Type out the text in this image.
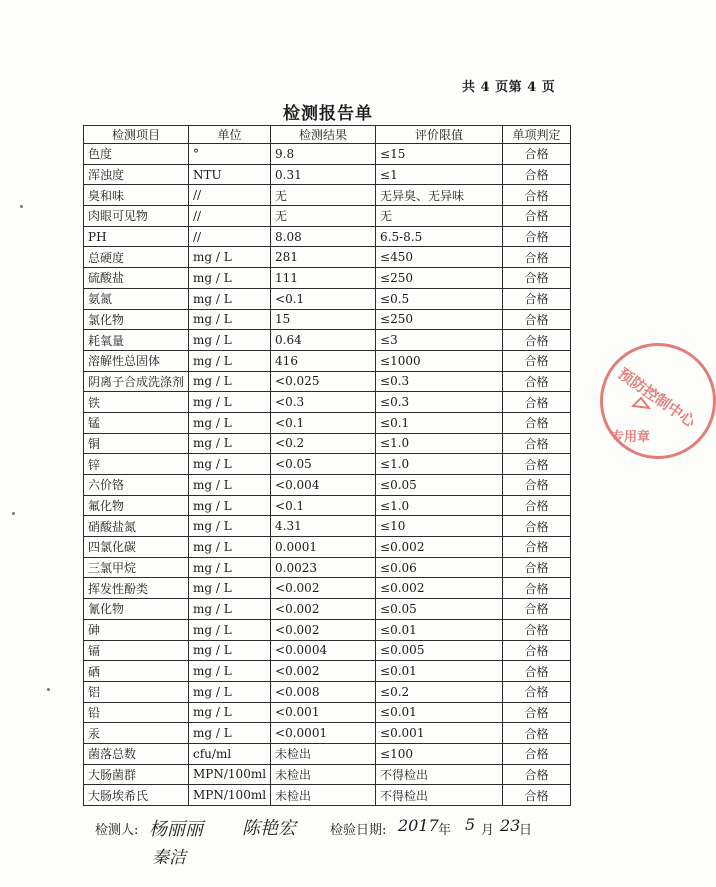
共 4 页第 4 页
检测报告单
检测项目	单位	检测结果	评价限值	单项判定
色度	°	9.8	≤15	合格
浑浊度	NTU	0.31	≤1	合格
臭和味	//	无	无异臭、无异味	合格
肉眼可见物	//	无	无	合格
PH	//	8.08	6.5-8.5	合格
总硬度	mg / L	281	≤450	合格
硫酸盐	mg / L	111	≤250	合格
氨氮	mg / L	<0.1	≤0.5	合格
氯化物	mg / L	15	≤250	合格
耗氧量	mg / L	0.64	≤3	合格
溶解性总固体	mg / L	416	≤1000	合格
阴离子合成洗涤剂	mg / L	<0.025	≤0.3	合格
铁	mg / L	<0.3	≤0.3	合格
锰	mg / L	<0.1	≤0.1	合格
铜	mg / L	<0.2	≤1.0	合格
锌	mg / L	<0.05	≤1.0	合格
六价铬	mg / L	<0.004	≤0.05	合格
氟化物	mg / L	<0.1	≤1.0	合格
硝酸盐氮	mg / L	4.31	≤10	合格
四氯化碳	mg / L	0.0001	≤0.002	合格
三氯甲烷	mg / L	0.0023	≤0.06	合格
挥发性酚类	mg / L	<0.002	≤0.002	合格
氰化物	mg / L	<0.002	≤0.05	合格
砷	mg / L	<0.002	≤0.01	合格
镉	mg / L	<0.0004	≤0.005	合格
硒	mg / L	<0.002	≤0.01	合格
铝	mg / L	<0.008	≤0.2	合格
铅	mg / L	<0.001	≤0.01	合格
汞	mg / L	<0.0001	≤0.001	合格
菌落总数	cfu/ml	未检出	≤100	合格
大肠菌群	MPN/100ml	未检出	不得检出	合格
大肠埃希氏	MPN/100ml	未检出	不得检出	合格
检测人: 杨丽丽 陈艳宏	检验日期: 2017 年 5 月 23
日
秦洁
预防控制中心
专用章
